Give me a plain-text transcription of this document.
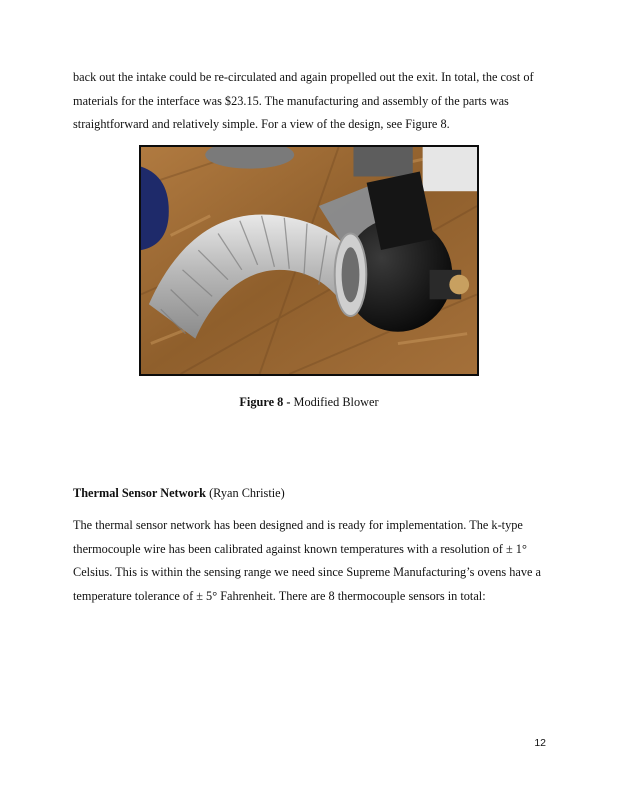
back out the intake could be re-circulated and again propelled out the exit. In total, the cost of materials for the interface was $23.15. The manufacturing and assembly of the parts was straightforward and relatively simple. For a view of the design, see Figure 8.

Figure 8 - Modified Blower
Thermal Sensor Network (Ryan Christie)

The thermal sensor network has been designed and is ready for implementation. The k-type thermocouple wire has been calibrated against known temperatures with a resolution of ± 1° Celsius. This is within the sensing range we need since Supreme Manufacturing’s ovens have a temperature tolerance of ± 5° Fahrenheit. There are 8 thermocouple sensors in total:

12
